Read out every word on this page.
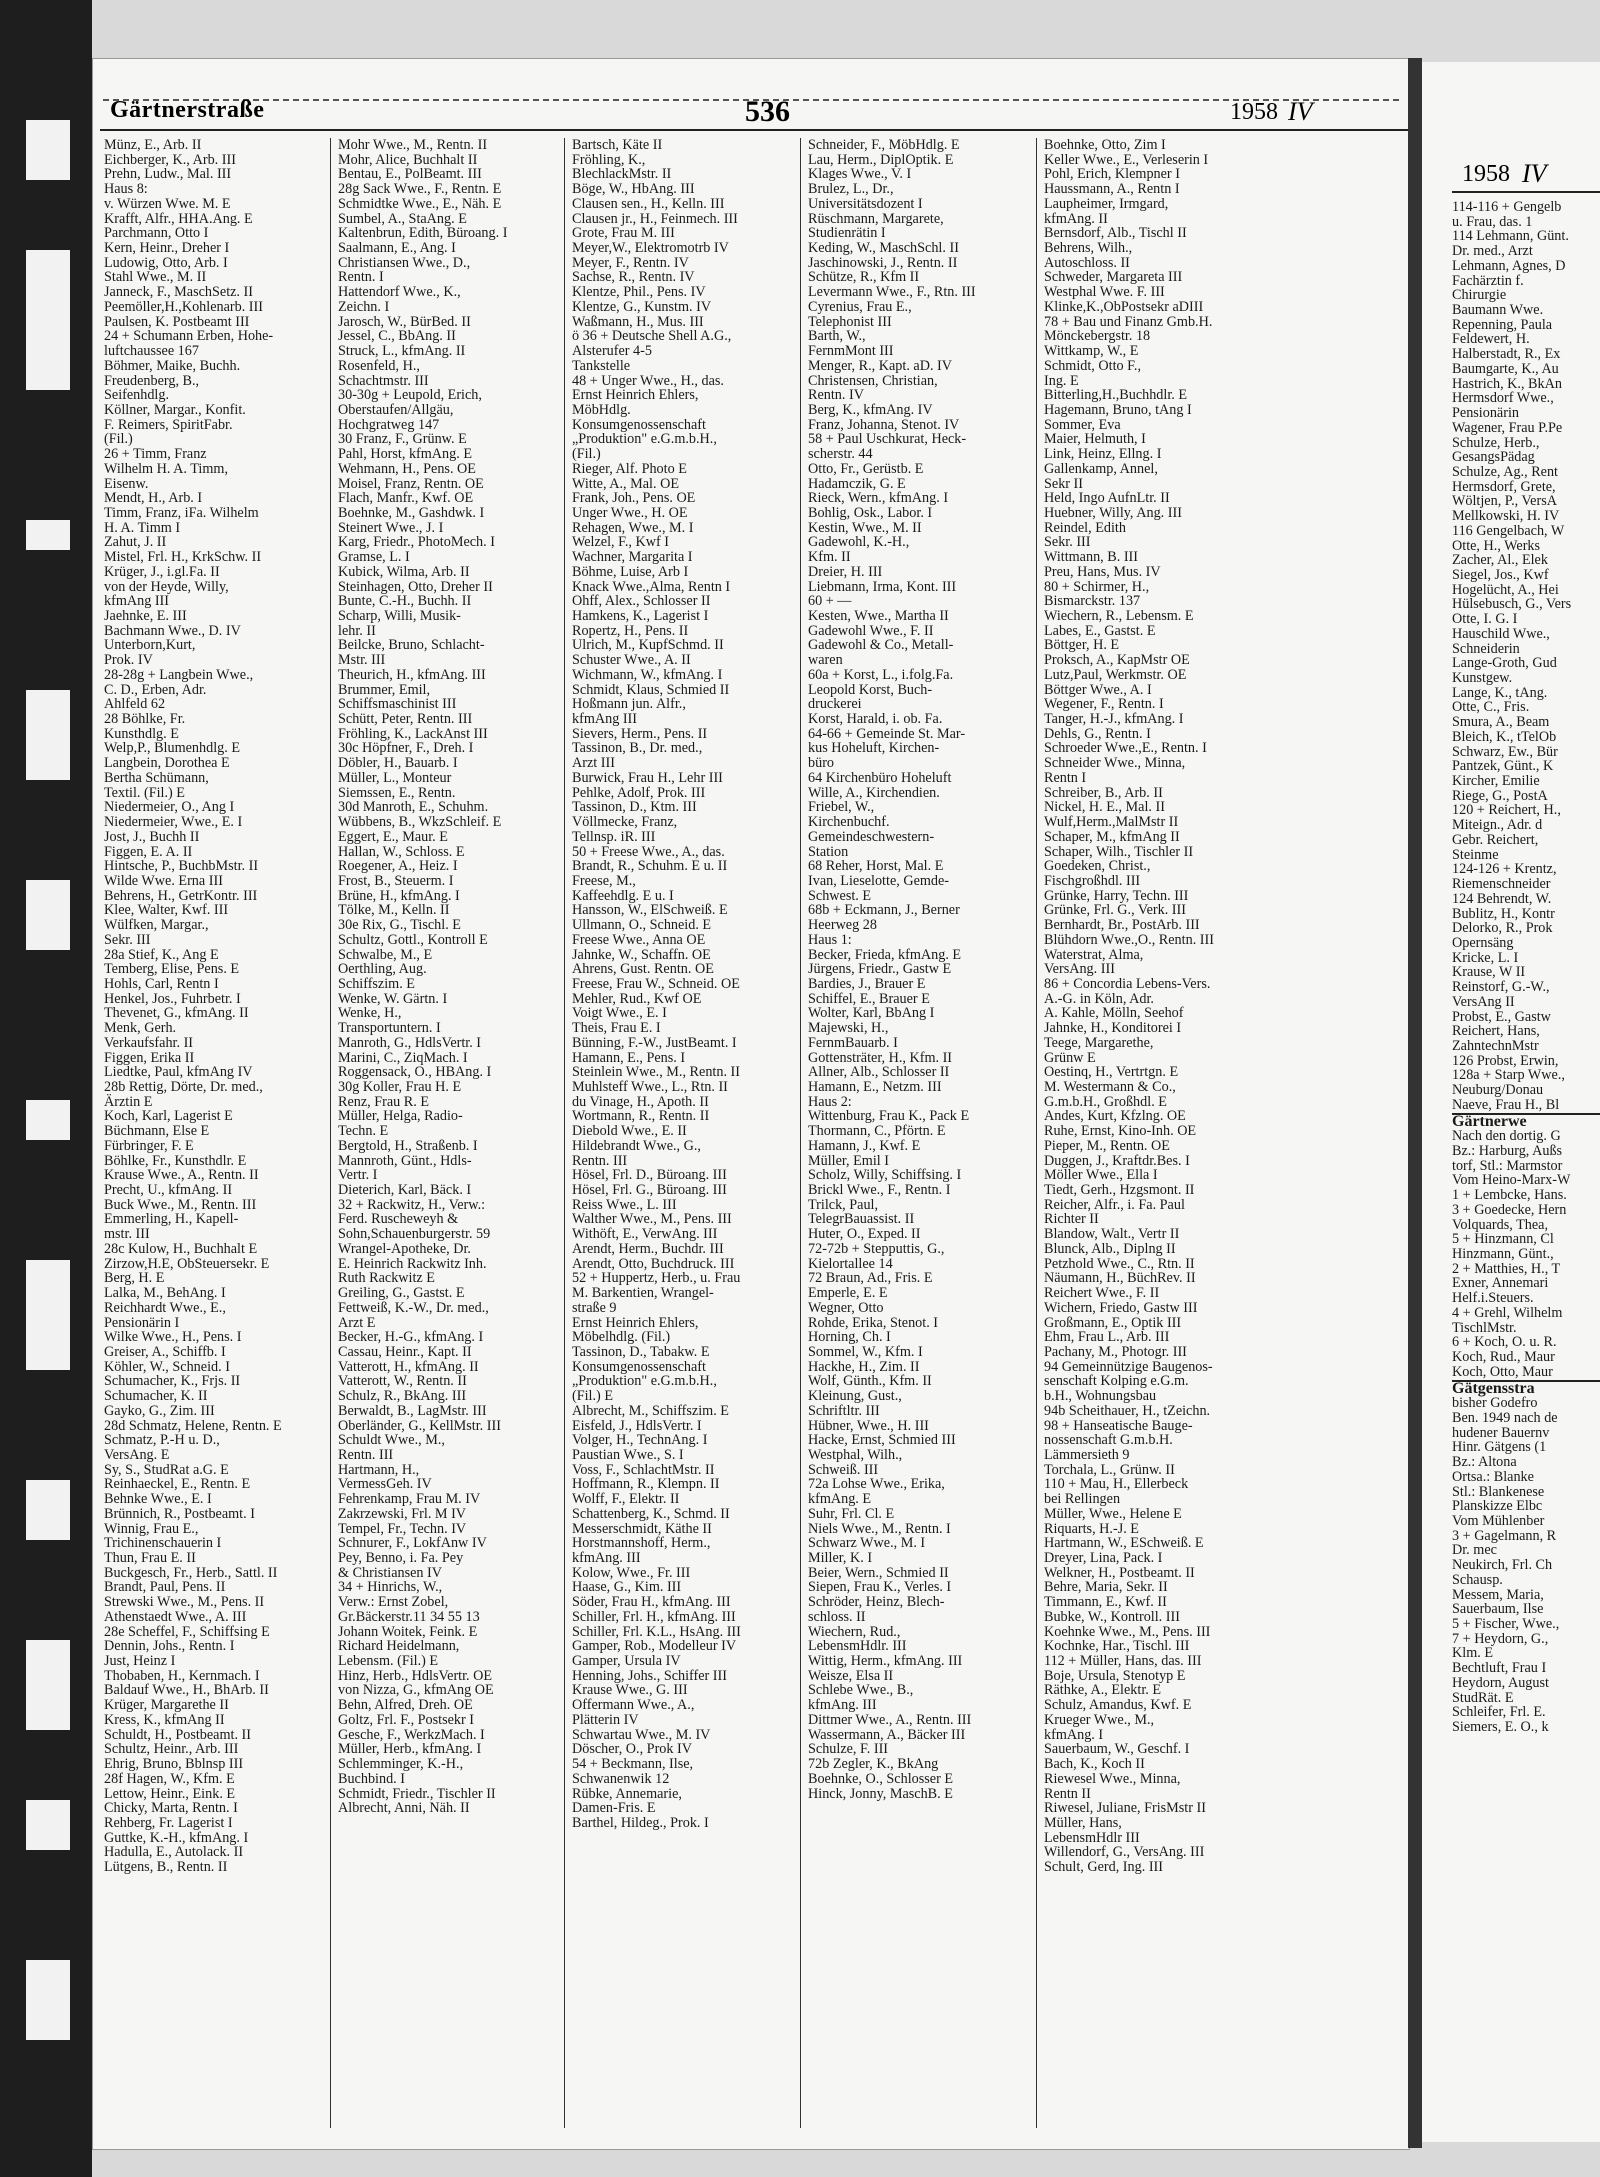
Gärtnerstraße	536	1958 IV
Münz, E., Arb. II
Eichberger, K., Arb. III
Prehn, Ludw., Mal. III
Haus 8:
v. Würzen Wwe. M. E
Krafft, Alfr., HHA.Ang. E
Parchmann, Otto I
Kern, Heinr., Dreher I
Ludowig, Otto, Arb. I
Stahl Wwe., M. II
Janneck, F., MaschSetz. II
Peemöller,H.,Kohlenarb. III
Paulsen, K. Postbeamt III
24 + Schumann Erben, Hohe-
luftchaussee 167
Böhmer, Maike, Buchh.
Freudenberg, B.,
Seifenhdlg.
Köllner, Margar., Konfit.
F. Reimers, SpiritFabr.
(Fil.)
26 + Timm, Franz
Wilhelm H. A. Timm,
Eisenw.
Mendt, H., Arb. I
Timm, Franz, iFa. Wilhelm
H. A. Timm I
Zahut, J. II
Mistel, Frl. H., KrkSchw. II
Krüger, J., i.gl.Fa. II
von der Heyde, Willy,
kfmAng III
Jaehnke, E. III
Bachmann Wwe., D. IV
Unterborn,Kurt,
Prok. IV
28-28g + Langbein Wwe.,
C. D., Erben, Adr.
Ahlfeld 62
28 Böhlke, Fr.
Kunsthdlg. E
Welp,P., Blumenhdlg. E
Langbein, Dorothea E
Bertha Schümann,
Textil. (Fil.) E
Niedermeier, O., Ang I
Niedermeier, Wwe., E. I
Jost, J., Buchh II
Figgen, E. A. II
Hintsche, P., BuchbMstr. II
Wilde Wwe. Erna III
Behrens, H., GetrKontr. III
Klee, Walter, Kwf. III
Wülfken, Margar.,
Sekr. III
28a Stief, K., Ang E
Temberg, Elise, Pens. E
Hohls, Carl, Rentn I
Henkel, Jos., Fuhrbetr. I
Thevenet, G., kfmAng. II
Menk, Gerh.
Verkaufsfahr. II
Figgen, Erika II
Liedtke, Paul, kfmAng IV
28b Rettig, Dörte, Dr. med.,
Ärztin E
Koch, Karl, Lagerist E
Büchmann, Else E
Fürbringer, F. E
Böhlke, Fr., Kunsthdlr. E
Krause Wwe., A., Rentn. II
Precht, U., kfmAng. II
Buck Wwe., M., Rentn. III
Emmerling, H., Kapell-
mstr. III
28c Kulow, H., Buchhalt E
Zirzow,H.E, ObSteuersekr. E
Berg, H. E
Lalka, M., BehAng. I
Reichhardt Wwe., E.,
Pensionärin I
Wilke Wwe., H., Pens. I
Greiser, A., Schiffb. I
Köhler, W., Schneid. I
Schumacher, K., Frjs. II
Schumacher, K. II
Gayko, G., Zim. III
28d Schmatz, Helene, Rentn. E
Schmatz, P.-H u. D.,
VersAng. E
Sy, S., StudRat a.G. E
Reinhaeckel, E., Rentn. E
Behnke Wwe., E. I
Brünnich, R., Postbeamt. I
Winnig, Frau E.,
Trichinenschauerin I
Thun, Frau E. II
Buckgesch, Fr., Herb., Sattl. II
Brandt, Paul, Pens. II
Strewski Wwe., M., Pens. II
Athenstaedt Wwe., A. III
28e Scheffel, F., Schiffsing E
Dennin, Johs., Rentn. I
Just, Heinz I
Thobaben, H., Kernmach. I
Baldauf Wwe., H., BhArb. II
Krüger, Margarethe II
Kress, K., kfmAng II
Schuldt, H., Postbeamt. II
Schultz, Heinr., Arb. III
Ehrig, Bruno, Bblnsp III
28f Hagen, W., Kfm. E
Lettow, Heinr., Eink. E
Chicky, Marta, Rentn. I
Rehberg, Fr. Lagerist I
Guttke, K.-H., kfmAng. I
Hadulla, E., Autolack. II
Lütgens, B., Rentn. II
Mohr Wwe., M., Rentn. II
Mohr, Alice, Buchhalt II
Bentau, E., PolBeamt. III
28g Sack Wwe., F., Rentn. E
Schmidtke Wwe., E., Näh. E
Sumbel, A., StaAng. E
Kaltenbrun, Edith, Büroang. I
Saalmann, E., Ang. I
Christiansen Wwe., D.,
Rentn. I
Hattendorf Wwe., K.,
Zeichn. I
Jarosch, W., BürBed. II
Jessel, C., BbAng. II
Struck, L., kfmAng. II
Rosenfeld, H.,
Schachtmstr. III
30-30g + Leupold, Erich,
Oberstaufen/Allgäu,
Hochgratweg 147
30 Franz, F., Grünw. E
Pahl, Horst, kfmAng. E
Wehmann, H., Pens. OE
Moisel, Franz, Rentn. OE
Flach, Manfr., Kwf. OE
Boehnke, M., Gashdwk. I
Steinert Wwe., J. I
Karg, Friedr., PhotoMech. I
Gramse, L. I
Kubick, Wilma, Arb. II
Steinhagen, Otto, Dreher II
Bunte, C.-H., Buchh. II
Scharp, Willi, Musik-
lehr. II
Beilcke, Bruno, Schlacht-
Mstr. III
Theurich, H., kfmAng. III
Brummer, Emil,
Schiffsmaschinist III
Schütt, Peter, Rentn. III
Fröhling, K., LackAnst III
30c Höpfner, F., Dreh. I
Döbler, H., Bauarb. I
Müller, L., Monteur
Siemssen, E., Rentn.
30d Manroth, E., Schuhm.
Wübbens, B., WkzSchleif. E
Eggert, E., Maur. E
Hallan, W., Schloss. E
Roegener, A., Heiz. I
Frost, B., Steuerm. I
Brüne, H., kfmAng. I
Tölke, M., Kelln. II
30e Rix, G., Tischl. E
Schultz, Gottl., Kontroll E
Schwalbe, M., E
Oerthling, Aug.
Schiffszim. E
Wenke, W. Gärtn. I
Wenke, H.,
Transportuntern. I
Manroth, G., HdlsVertr. I
Marini, C., ZiqMach. I
Roggensack, O., HBAng. I
30g Koller, Frau H. E
Renz, Frau R. E
Müller, Helga, Radio-
Techn. E
Bergtold, H., Straßenb. I
Mannroth, Günt., Hdls-
Vertr. I
Dieterich, Karl, Bäck. I
32 + Rackwitz, H., Verw.:
Ferd. Ruscheweyh &
Sohn,Schauenburgerstr. 59
Wrangel-Apotheke, Dr.
E. Heinrich Rackwitz Inh.
Ruth Rackwitz E
Greiling, G., Gastst. E
Fettweiß, K.-W., Dr. med.,
Arzt E
Becker, H.-G., kfmAng. I
Cassau, Heinr., Kapt. II
Vatterott, H., kfmAng. II
Vatterott, W., Rentn. II
Schulz, R., BkAng. III
Berwaldt, B., LagMstr. III
Oberländer, G., KellMstr. III
Schuldt Wwe., M.,
Rentn. III
Hartmann, H.,
VermessGeh. IV
Fehrenkamp, Frau M. IV
Zakrzewski, Frl. M IV
Tempel, Fr., Techn. IV
Schnurer, F., LokfAnw IV
Pey, Benno, i. Fa. Pey
& Christiansen IV
34 + Hinrichs, W.,
Verw.: Ernst Zobel,
Gr.Bäckerstr.11 34 55 13
Johann Woitek, Feink. E
Richard Heidelmann,
Lebensm. (Fil.) E
Hinz, Herb., HdlsVertr. OE
von Nizza, G., kfmAng OE
Behn, Alfred, Dreh. OE
Goltz, Frl. F., Postsekr I
Gesche, F., WerkzMach. I
Müller, Herb., kfmAng. I
Schlemminger, K.-H.,
Buchbind. I
Schmidt, Friedr., Tischler II
Albrecht, Anni, Näh. II
Bartsch, Käte II
Fröhling, K.,
BlechlackMstr. II
Böge, W., HbAng. III
Clausen sen., H., Kelln. III
Clausen jr., H., Feinmech. III
Grote, Frau M. III
Meyer,W., Elektromotrb IV
Meyer, F., Rentn. IV
Sachse, R., Rentn. IV
Klentze, Phil., Pens. IV
Klentze, G., Kunstm. IV
Waßmann, H., Mus. III
ö 36 + Deutsche Shell A.G.,
Alsterufer 4-5
Tankstelle
48 + Unger Wwe., H., das.
Ernst Heinrich Ehlers,
MöbHdlg.
Konsumgenossenschaft
„Produktion" e.G.m.b.H.,
(Fil.)
Rieger, Alf. Photo E
Witte, A., Mal. OE
Frank, Joh., Pens. OE
Unger Wwe., H. OE
Rehagen, Wwe., M. I
Welzel, F., Kwf I
Wachner, Margarita I
Böhme, Luise, Arb I
Knack Wwe.,Alma, Rentn I
Ohff, Alex., Schlosser II
Hamkens, K., Lagerist I
Ropertz, H., Pens. II
Ulrich, M., KupfSchmd. II
Schuster Wwe., A. II
Wichmann, W., kfmAng. I
Schmidt, Klaus, Schmied II
Hoßmann jun. Alfr.,
kfmAng III
Sievers, Herm., Pens. II
Tassinon, B., Dr. med.,
Arzt III
Burwick, Frau H., Lehr III
Pehlke, Adolf, Prok. III
Tassinon, D., Ktm. III
Völlmecke, Franz,
Tellnsp. iR. III
50 + Freese Wwe., A., das.
Brandt, R., Schuhm. E u. II
Freese, M.,
Kaffeehdlg. E u. I
Hansson, W., ElSchweiß. E
Ullmann, O., Schneid. E
Freese Wwe., Anna OE
Jahnke, W., Schaffn. OE
Ahrens, Gust. Rentn. OE
Freese, Frau W., Schneid. OE
Mehler, Rud., Kwf OE
Voigt Wwe., E. I
Theis, Frau E. I
Bünning, F.-W., JustBeamt. I
Hamann, E., Pens. I
Steinlein Wwe., M., Rentn. II
Muhlsteff Wwe., L., Rtn. II
du Vinage, H., Apoth. II
Wortmann, R., Rentn. II
Diebold Wwe., E. II
Hildebrandt Wwe., G.,
Rentn. III
Hösel, Frl. D., Büroang. III
Hösel, Frl. G., Büroang. III
Reiss Wwe., L. III
Walther Wwe., M., Pens. III
Withöft, E., VerwAng. III
Arendt, Herm., Buchdr. III
Arendt, Otto, Buchdruck. III
52 + Huppertz, Herb., u. Frau
M. Barkentien, Wrangel-
straße 9
Ernst Heinrich Ehlers,
Möbelhdlg. (Fil.)
Tassinon, D., Tabakw. E
Konsumgenossenschaft
„Produktion" e.G.m.b.H.,
(Fil.) E
Albrecht, M., Schiffszim. E
Eisfeld, J., HdlsVertr. I
Volger, H., TechnAng. I
Paustian Wwe., S. I
Voss, F., SchlachtMstr. II
Hoffmann, R., Klempn. II
Wolff, F., Elektr. II
Schattenberg, K., Schmd. II
Messerschmidt, Käthe II
Horstmannshoff, Herm.,
kfmAng. III
Kolow, Wwe., Fr. III
Haase, G., Kim. III
Söder, Frau H., kfmAng. III
Schiller, Frl. H., kfmAng. III
Schiller, Frl. K.L., HsAng. III
Gamper, Rob., Modelleur IV
Gamper, Ursula IV
Henning, Johs., Schiffer III
Krause Wwe., G. III
Offermann Wwe., A.,
Plätterin IV
Schwartau Wwe., M. IV
Döscher, O., Prok IV
54 + Beckmann, Ilse,
Schwanenwik 12
Rübke, Annemarie,
Damen-Fris. E
Barthel, Hildeg., Prok. I
Schneider, F., MöbHdlg. E
Lau, Herm., DiplOptik. E
Klages Wwe., V. I
Brulez, L., Dr.,
Universitätsdozent I
Rüschmann, Margarete,
Studienrätin I
Keding, W., MaschSchl. II
Jaschinowski, J., Rentn. II
Schütze, R., Kfm II
Levermann Wwe., F., Rtn. III
Cyrenius, Frau E.,
Telephonist III
Barth, W.,
FernmMont III
Menger, R., Kapt. aD. IV
Christensen, Christian,
Rentn. IV
Berg, K., kfmAng. IV
Franz, Johanna, Stenot. IV
58 + Paul Uschkurat, Heck-
scherstr. 44
Otto, Fr., Gerüstb. E
Hadamczik, G. E
Rieck, Wern., kfmAng. I
Bohlig, Osk., Labor. I
Kestin, Wwe., M. II
Gadewohl, K.-H.,
Kfm. II
Dreier, H. III
Liebmann, Irma, Kont. III
60 + —
Kesten, Wwe., Martha II
Gadewohl Wwe., F. II
Gadewohl & Co., Metall-
waren
60a + Korst, L., i.folg.Fa.
Leopold Korst, Buch-
druckerei
Korst, Harald, i. ob. Fa.
64-66 + Gemeinde St. Mar-
kus Hoheluft, Kirchen-
büro
64 Kirchenbüro Hoheluft
Wille, A., Kirchendien.
Friebel, W.,
Kirchenbuchf.
Gemeindeschwestern-
Station
68 Reher, Horst, Mal. E
Ivan, Lieselotte, Gemde-
Schwest. E
68b + Eckmann, J., Berner
Heerweg 28
Haus 1:
Becker, Frieda, kfmAng. E
Jürgens, Friedr., Gastw E
Bardies, J., Brauer E
Schiffel, E., Brauer E
Wolter, Karl, BbAng I
Majewski, H.,
FernmBauarb. I
Gottensträter, H., Kfm. II
Allner, Alb., Schlosser II
Hamann, E., Netzm. III
Haus 2:
Wittenburg, Frau K., Pack E
Thormann, C., Pförtn. E
Hamann, J., Kwf. E
Müller, Emil I
Scholz, Willy, Schiffsing. I
Brickl Wwe., F., Rentn. I
Trilck, Paul,
TelegrBauassist. II
Huter, O., Exped. II
72-72b + Stepputtis, G.,
Kielortallee 14
72 Braun, Ad., Fris. E
Emperle, E. E
Wegner, Otto
Rohde, Erika, Stenot. I
Horning, Ch. I
Sommel, W., Kfm. I
Hackhe, H., Zim. II
Wolf, Günth., Kfm. II
Kleinung, Gust.,
Schriftltr. III
Hübner, Wwe., H. III
Hacke, Ernst, Schmied III
Westphal, Wilh.,
Schweiß. III
72a Lohse Wwe., Erika,
kfmAng. E
Suhr, Frl. Cl. E
Niels Wwe., M., Rentn. I
Schwarz Wwe., M. I
Miller, K. I
Beier, Wern., Schmied II
Siepen, Frau K., Verles. I
Schröder, Heinz, Blech-
schloss. II
Wiechern, Rud.,
LebensmHdlr. III
Wittig, Herm., kfmAng. III
Weisze, Elsa II
Schlebe Wwe., B.,
kfmAng. III
Dittmer Wwe., A., Rentn. III
Wassermann, A., Bäcker III
Schulze, F. III
72b Zegler, K., BkAng
Boehnke, O., Schlosser E
Hinck, Jonny, MaschB. E
Boehnke, Otto, Zim I
Keller Wwe., E., Verleserin I
Pohl, Erich, Klempner I
Haussmann, A., Rentn I
Laupheimer, Irmgard,
kfmAng. II
Bernsdorf, Alb., Tischl II
Behrens, Wilh.,
Autoschloss. II
Schweder, Margareta III
Westphal Wwe. F. III
Klinke,K.,ObPostsekr aDIII
78 + Bau und Finanz Gmb.H.
Mönckebergstr. 18
Wittkamp, W., E
Schmidt, Otto F.,
Ing. E
Bitterling,H.,Buchhdlr. E
Hagemann, Bruno, tAng I
Sommer, Eva
Maier, Helmuth, I
Link, Heinz, Ellng. I
Gallenkamp, Annel,
Sekr II
Held, Ingo AufnLtr. II
Huebner, Willy, Ang. III
Reindel, Edith
Sekr. III
Wittmann, B. III
Preu, Hans, Mus. IV
80 + Schirmer, H.,
Bismarckstr. 137
Wiechern, R., Lebensm. E
Labes, E., Gastst. E
Böttger, H. E
Proksch, A., KapMstr OE
Lutz,Paul, Werkmstr. OE
Böttger Wwe., A. I
Wegener, F., Rentn. I
Tanger, H.-J., kfmAng. I
Dehls, G., Rentn. I
Schroeder Wwe.,E., Rentn. I
Schneider Wwe., Minna,
Rentn I
Schreiber, B., Arb. II
Nickel, H. E., Mal. II
Wulf,Herm.,MalMstr II
Schaper, M., kfmAng II
Schaper, Wilh., Tischler II
Goedeken, Christ.,
Fischgroßhdl. III
Grünke, Harry, Techn. III
Grünke, Frl. G., Verk. III
Bernhardt, Br., PostArb. III
Blühdorn Wwe.,O., Rentn. III
Waterstrat, Alma,
VersAng. III
86 + Concordia Lebens-Vers.
A.-G. in Köln, Adr.
A. Kahle, Mölln, Seehof
Jahnke, H., Konditorei I
Teege, Margarethe,
Grünw E
Oestinq, H., Vertrtgn. E
M. Westermann & Co.,
G.m.b.H., Großhdl. E
Andes, Kurt, Kfzlng. OE
Ruhe, Ernst, Kino-Inh. OE
Pieper, M., Rentn. OE
Duggen, J., Kraftdr.Bes. I
Möller Wwe., Ella I
Tiedt, Gerh., Hzgsmont. II
Reicher, Alfr., i. Fa. Paul
Richter II
Blandow, Walt., Vertr II
Blunck, Alb., Diplng II
Petzhold Wwe., C., Rtn. II
Näumann, H., BüchRev. II
Reichert Wwe., F. II
Wichern, Friedo, Gastw III
Großmann, E., Optik III
Ehm, Frau L., Arb. III
Pachany, M., Photogr. III
94 Gemeinnützige Baugenos-
senschaft Kolping e.G.m.
b.H., Wohnungsbau
94b Scheithauer, H., tZeichn.
98 + Hanseatische Bauge-
nossenschaft G.m.b.H.
Lämmersieth 9
Torchala, L., Grünw. II
110 + Mau, H., Ellerbeck
bei Rellingen
Müller, Wwe., Helene E
Riquarts, H.-J. E
Hartmann, W., ESchweiß. E
Dreyer, Lina, Pack. I
Welkner, H., Postbeamt. II
Behre, Maria, Sekr. II
Timmann, E., Kwf. II
Bubke, W., Kontroll. III
Koehnke Wwe., M., Pens. III
Kochnke, Har., Tischl. III
112 + Müller, Hans, das. III
Boje, Ursula, Stenotyp E
Räthke, A., Elektr. E
Schulz, Amandus, Kwf. E
Krueger Wwe., M.,
kfmAng. I
Sauerbaum, W., Geschf. I
Bach, K., Koch II
Riewesel Wwe., Minna,
Rentn II
Riwesel, Juliane, FrisMstr II
Müller, Hans,
LebensmHdlr III
Willendorf, G., VersAng. III
Schult, Gerd, Ing. III
1958 IV
114-116 + Gengelb
u. Frau, das. 1
114 Lehmann, Günt.
Dr. med., Arzt
Lehmann, Agnes, D
Fachärztin f.
Chirurgie
Baumann Wwe.
Repenning, Paula
Feldewert, H.
Halberstadt, R., Ex
Baumgarte, K., Au
Hastrich, K., BkAn
Hermsdorf Wwe.,
Pensionärin
Wagener, Frau P.Pe
Schulze, Herb.,
GesangsPädag
Schulze, Ag., Rent
Hermsdorf, Grete,
Wöltjen, P., VersA
Mellkowski, H. IV
116 Gengelbach, W
Otte, H., Werks
Zacher, Al., Elek
Siegel, Jos., Kwf
Hogelücht, A., Hei
Hülsebusch, G., Vers
Otte, I. G. I
Hauschild Wwe.,
Schneiderin
Lange-Groth, Gud
Kunstgew.
Lange, K., tAng.
Otte, C., Fris.
Smura, A., Beam
Bleich, K., tTelOb
Schwarz, Ew., Bür
Pantzek, Günt., K
Kircher, Emilie
Riege, G., PostA
120 + Reichert, H.,
Miteign., Adr. d
Gebr. Reichert,
Steinme
124-126 + Krentz,
Riemenschneider
124 Behrendt, W.
Bublitz, H., Kontr
Delorko, R., Prok
Opernsäng
Kricke, L. I
Krause, W II
Reinstorf, G.-W.,
VersAng II
Probst, E., Gastw
Reichert, Hans,
ZahntechnMstr
126 Probst, Erwin,
128a + Starp Wwe.,
Neuburg/Donau
Naeve, Frau H., Bl
Gärtnerwe
Nach den dortig. G
Bz.: Harburg, Außs
torf, Stl.: Marmstor
Vom Heino-Marx-W
1 + Lembcke, Hans.
3 + Goedecke, Hern
Volquards, Thea,
5 + Hinzmann, Cl
Hinzmann, Günt.,
2 + Matthies, H., T
Exner, Annemari
Helf.i.Steuers.
4 + Grehl, Wilhelm
TischlMstr.
6 + Koch, O. u. R.
Koch, Rud., Maur
Koch, Otto, Maur
Gätgensstra
bisher Godefro
Ben. 1949 nach de
hudener Bauernv
Hinr. Gätgens (1
Bz.: Altona
Ortsa.: Blanke
Stl.: Blankenese
Planskizze Elbc
Vom Mühlenber
3 + Gagelmann, R
Dr. mec
Neukirch, Frl. Ch
Schausp.
Messem, Maria,
Sauerbaum, Ilse
5 + Fischer, Wwe.,
7 + Heydorn, G.,
Klm. E
Bechtluft, Frau I
Heydorn, August
StudRät. E
Schleifer, Frl. E.
Siemers, E. O., k
